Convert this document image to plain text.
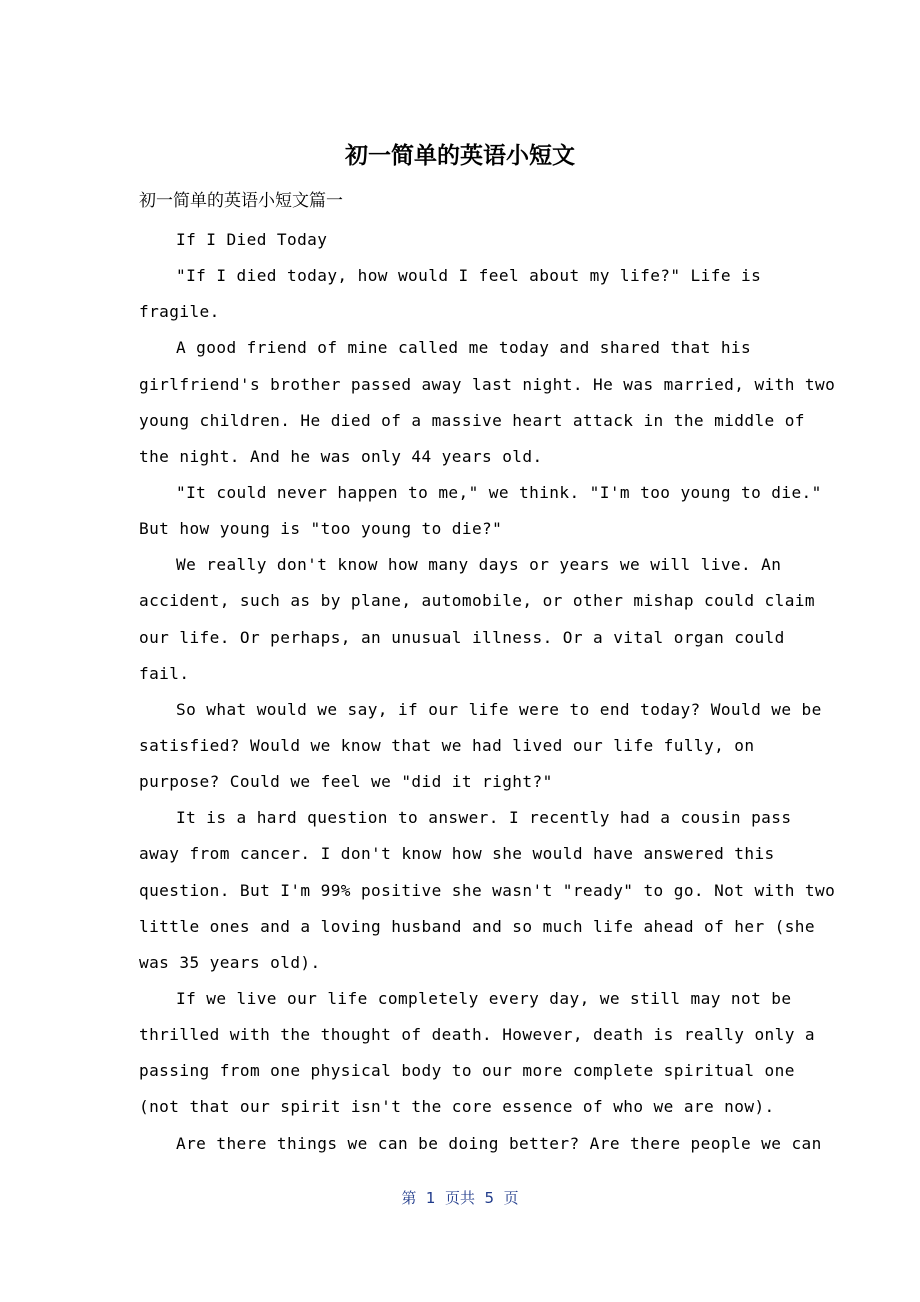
初一简单的英语小短文
初一简单的英语小短文篇一
If I Died Today
"If I died today, how would I feel about my life?" Life is
fragile.
A good friend of mine called me today and shared that his
girlfriend's brother passed away last night. He was married, with two
young children. He died of a massive heart attack in the middle of
the night. And he was only 44 years old.
"It could never happen to me," we think. "I'm too young to die."
But how young is "too young to die?"
We really don't know how many days or years we will live. An
accident, such as by plane, automobile, or other mishap could claim
our life. Or perhaps, an unusual illness. Or a vital organ could
fail.
So what would we say, if our life were to end today? Would we be
satisfied? Would we know that we had lived our life fully, on
purpose? Could we feel we "did it right?"
It is a hard question to answer. I recently had a cousin pass
away from cancer. I don't know how she would have answered this
question. But I'm 99% positive she wasn't "ready" to go. Not with two
little ones and a loving husband and so much life ahead of her (she
was 35 years old).
If we live our life completely every day, we still may not be
thrilled with the thought of death. However, death is really only a
passing from one physical body to our more complete spiritual one
(not that our spirit isn't the core essence of who we are now).
Are there things we can be doing better? Are there people we can
第  1  页共  5  页
